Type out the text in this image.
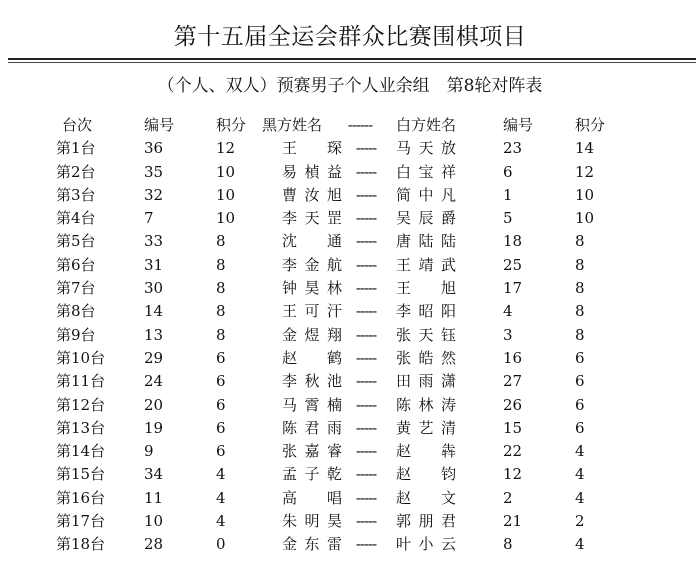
第十五届全运会群众比赛围棋项目
（个人、双人）预赛男子个人业余组　第8轮对阵表
台次	编号	积分 黑方姓名	------	白方姓名	编号	积分
第1台	36	12	王 琛 -----	马天放	23	14
第2台	35	10	易楨益 -----	白宝祥	6	12
第3台	32	10	曹汝旭 -----	简中凡	1	10
第4台	7	10	李天罡 -----	吴辰爵	5	10
第5台	33	8	沈 通 -----	唐陆陆	18	8
第6台	31	8	李金航 -----	王靖武	25	8
第7台	30	8	钟昊林 -----	王 旭	17	8
第8台	14	8	王可汗 -----	李昭阳	4	8
第9台	13	8	金煜翔 -----	张天钰	3	8
第10台	29	6	赵 鹤 -----	张皓然	16	6
第11台	24	6	李秋池 -----	田雨潇	27	6
第12台	20	6	马霄楠 -----	陈林涛	26	6
第13台	19	6	陈君雨 -----	黄艺清	15	6
第14台	9	6	张嘉睿 -----	赵 犇	22	4
第15台	34	4	孟子乾 -----	赵 钧	12	4
第16台	11	4	高 唱 -----	赵 文	2	4
第17台	10	4	朱明昊 -----	郭朋君	21	2
第18台	28	0	金东雷 -----	叶小云	8	4
